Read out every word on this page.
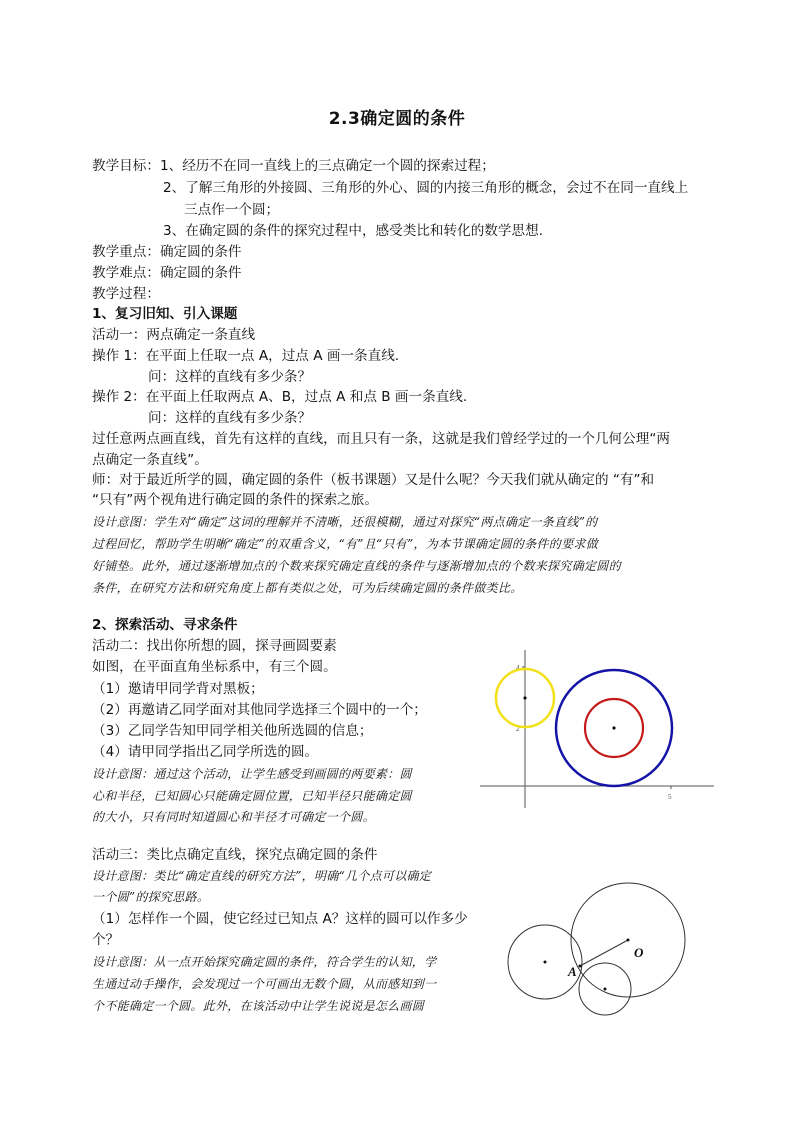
2.3确定圆的条件
教学目标：1、经历不在同一直线上的三点确定一个圆的探索过程；
2、了解三角形的外接圆、三角形的外心、圆的内接三角形的概念，会过不在同一直线上
三点作一个圆；
3、在确定圆的条件的探究过程中，感受类比和转化的数学思想.
教学重点：确定圆的条件
教学难点：确定圆的条件
教学过程：
1、复习旧知、引入课题
活动一：两点确定一条直线
操作 1：在平面上任取一点 A，过点 A 画一条直线.
问：这样的直线有多少条？
操作 2：在平面上任取两点 A、B，过点 A 和点 B 画一条直线.
问：这样的直线有多少条？
过任意两点画直线，首先有这样的直线，而且只有一条，这就是我们曾经学过的一个几何公理“两
点确定一条直线”。
师：对于最近所学的圆，确定圆的条件（板书课题）又是什么呢？今天我们就从确定的 “有”和
“只有”两个视角进行确定圆的条件的探索之旅。
设计意图：学生对“确定”这词的理解并不清晰，还很模糊，通过对探究“两点确定一条直线”的
过程回忆，帮助学生明晰“确定”的双重含义，“有”且“只有”，为本节课确定圆的条件的要求做
好铺垫。此外，通过逐渐增加点的个数来探究确定直线的条件与逐渐增加点的个数来探究确定圆的
条件，在研究方法和研究角度上都有类似之处，可为后续确定圆的条件做类比。
2、探索活动、寻求条件
活动二：找出你所想的圆，探寻画圆要素
如图，在平面直角坐标系中，有三个圆。
（1）邀请甲同学背对黑板；
（2）再邀请乙同学面对其他同学选择三个圆中的一个；
（3）乙同学告知甲同学相关他所选圆的信息；
（4）请甲同学指出乙同学所选的圆。
设计意图：通过这个活动，让学生感受到画圆的两要素：圆
心和半径，已知圆心只能确定圆位置，已知半径只能确定圆
的大小，只有同时知道圆心和半径才可确定一个圆。
活动三：类比点确定直线，探究点确定圆的条件
设计意图：类比“确定直线的研究方法”，明确“几个点可以确定
一个圆”的探究思路。
（1）怎样作一个圆，使它经过已知点 A？这样的圆可以作多少
个？
设计意图：从一点开始探究确定圆的条件，符合学生的认知，学
生通过动手操作，会发现过一个可画出无数个圆，从而感知到一
个不能确定一个圆。此外，在该活动中让学生说说是怎么画圆
4
2
5
A
O
